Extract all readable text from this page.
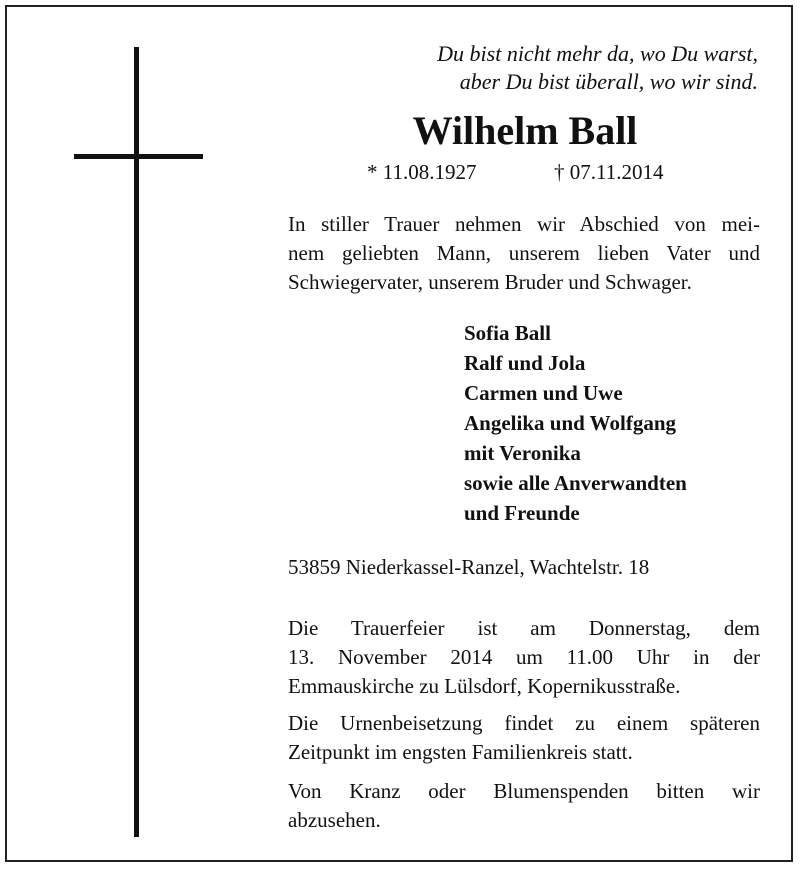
Du bist nicht mehr da, wo Du warst,
aber Du bist überall, wo wir sind.
Wilhelm Ball
* 11.08.1927	† 07.11.2014
In stiller Trauer nehmen wir Abschied von mei-
nem geliebten Mann, unserem lieben Vater und
Schwiegervater, unserem Bruder und Schwager.
Sofia Ball
Ralf und Jola
Carmen und Uwe
Angelika und Wolfgang
mit Veronika
sowie alle Anverwandten
und Freunde
53859 Niederkassel-Ranzel, Wachtelstr. 18
Die Trauerfeier ist am Donnerstag, dem
13. November 2014 um 11.00 Uhr in der
Emmauskirche zu Lülsdorf, Kopernikusstraße.
Die Urnenbeisetzung findet zu einem späteren
Zeitpunkt im engsten Familienkreis statt.
Von Kranz oder Blumenspenden bitten wir
abzusehen.
